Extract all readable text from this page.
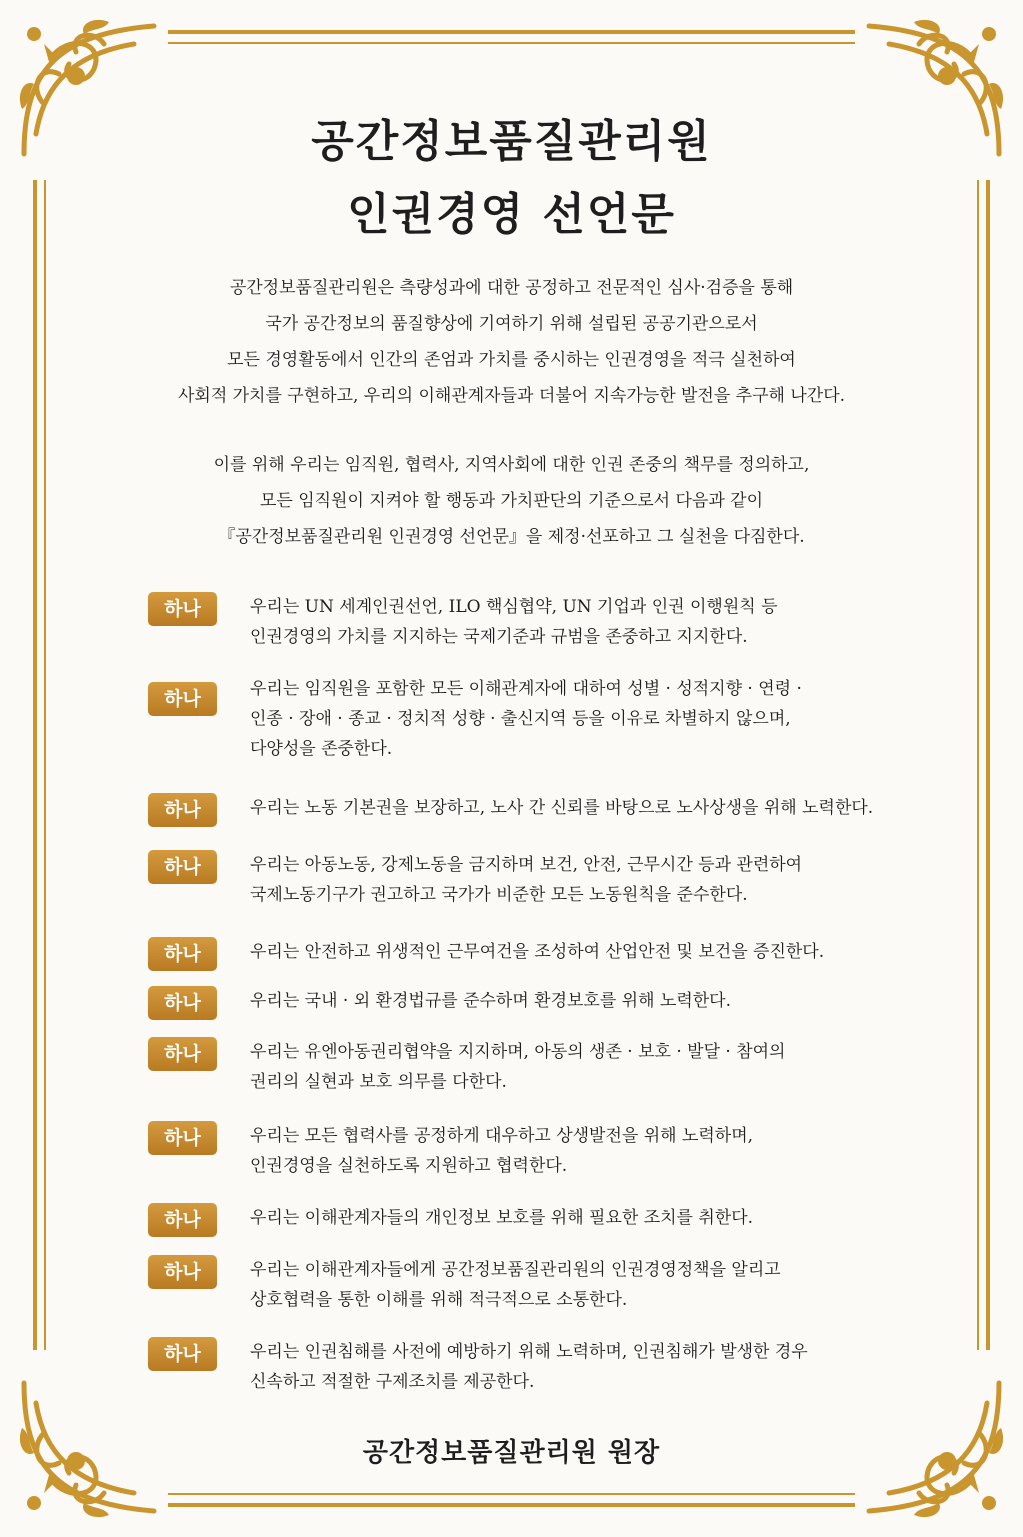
공간정보품질관리원
인권경영 선언문
공간정보품질관리원은 측량성과에 대한 공정하고 전문적인 심사·검증을 통해
국가 공간정보의 품질향상에 기여하기 위해 설립된 공공기관으로서
모든 경영활동에서 인간의 존엄과 가치를 중시하는 인권경영을 적극 실천하여
사회적 가치를 구현하고, 우리의 이해관계자들과 더불어 지속가능한 발전을 추구해 나간다.
이를 위해 우리는 임직원, 협력사, 지역사회에 대한 인권 존중의 책무를 정의하고,
모든 임직원이 지켜야 할 행동과 가치판단의 기준으로서 다음과 같이
『공간정보품질관리원 인권경영 선언문』을 제정·선포하고 그 실천을 다짐한다.
하나	우리는 UN 세계인권선언, ILO 핵심협약, UN 기업과 인권 이행원칙 등
인권경영의 가치를 지지하는 국제기준과 규범을 존중하고 지지한다.
하나	우리는 임직원을 포함한 모든 이해관계자에 대하여 성별 · 성적지향 · 연령 ·
인종 · 장애 · 종교 · 정치적 성향 · 출신지역 등을 이유로 차별하지 않으며,
다양성을 존중한다.
하나	우리는 노동 기본권을 보장하고, 노사 간 신뢰를 바탕으로 노사상생을 위해 노력한다.
하나	우리는 아동노동, 강제노동을 금지하며 보건, 안전, 근무시간 등과 관련하여
국제노동기구가 권고하고 국가가 비준한 모든 노동원칙을 준수한다.
하나	우리는 안전하고 위생적인 근무여건을 조성하여 산업안전 및 보건을 증진한다.
하나	우리는 국내 · 외 환경법규를 준수하며 환경보호를 위해 노력한다.
하나	우리는 유엔아동권리협약을 지지하며, 아동의 생존 · 보호 · 발달 · 참여의
권리의 실현과 보호 의무를 다한다.
하나	우리는 모든 협력사를 공정하게 대우하고 상생발전을 위해 노력하며,
인권경영을 실천하도록 지원하고 협력한다.
하나	우리는 이해관계자들의 개인정보 보호를 위해 필요한 조치를 취한다.
하나	우리는 이해관계자들에게 공간정보품질관리원의 인권경영정책을 알리고
상호협력을 통한 이해를 위해 적극적으로 소통한다.
하나	우리는 인권침해를 사전에 예방하기 위해 노력하며, 인권침해가 발생한 경우
신속하고 적절한 구제조치를 제공한다.
공간정보품질관리원 원장
